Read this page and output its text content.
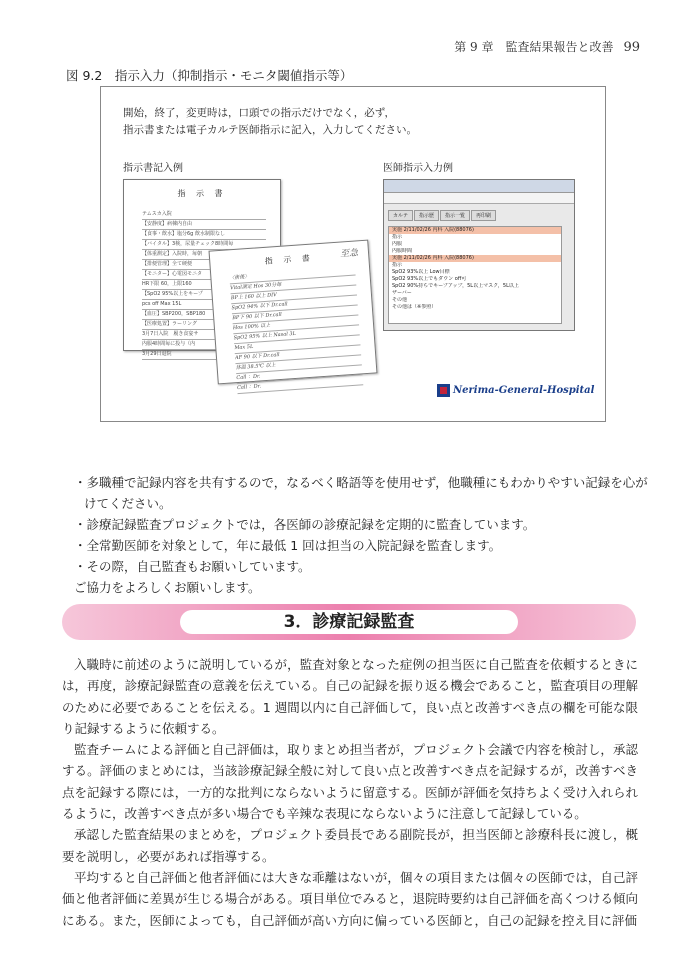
第 9 章　監査結果報告と改善 99
図 9.2　指示入力（抑制指示・モニタ閾値指示等）
開始，終了，変更時は，口頭での指示だけでなく，必ず，
指示書または電子カルテ医師指示に記入，入力してください。
指示書記入例	医師指示入力例
指 示 書
テムスカ入院
【安静度】病棟内自由
【食事・飲水】塩分6g 飲水制限なし
【バイタル】3検，尿量チェック8時間毎
【体重測定】入院時，毎朝
【排便管理】全て硬便
【モニター】心電図モニタ
HR下限 60，上限160
【SpO2 95%以上をキープ
pcs off Max 15L
【血圧】SBP200，SBP180
【医療処置】ラーリング
3月7日入院　履き食宴サ
内服4時間毎に投与（内
3月29日退院
指 示 書	至急
〈術後〉
Vital測定 Hos 30分毎
BP上 160 以上 DIV
SpO2 94% 以下 Dr.call
BP下 90 以下 Dr.call
Hos 100% 以上
SpO2 95% 以上 Nasal 3L
Max 5L
AF 90 以下 Dr.call
体温 38.5℃ 以上
Call ：Dr.
Call ：Dr.
カルテ	指示歴	指示一覧	再印刷
実施 2/11/02/26 内科 入院(88076)
指示
内服
内服時間
実施 2/11/02/26 内科 入院(88076)
指示
SpO2 93%以上 Low目標
SpO2 93%以上でもダウン off可
SpO2 90%持ちでキープアップ，5L以上マスク，5L以上
ザーバー
その他
その他は（※参照）
Nerima-General-Hospital
・多職種で記録内容を共有するので，なるべく略語等を使用せず，他職種にもわかりやすい記録を心がけてください。
・診療記録監査プロジェクトでは，各医師の診療記録を定期的に監査しています。
・全常勤医師を対象として，年に最低 1 回は担当の入院記録を監査します。
・その際，自己監査もお願いしています。
ご協力をよろしくお願いします。
3．診療記録監査

入職時に前述のように説明しているが，監査対象となった症例の担当医に自己監査を依頼するときには，再度，診療記録監査の意義を伝えている。自己の記録を振り返る機会であること，監査項目の理解のために必要であることを伝える。1 週間以内に自己評価して，良い点と改善すべき点の欄を可能な限り記録するように依頼する。

監査チームによる評価と自己評価は，取りまとめ担当者が，プロジェクト会議で内容を検討し，承認する。評価のまとめには，当該診療記録全般に対して良い点と改善すべき点を記録するが，改善すべき点を記録する際には，一方的な批判にならないように留意する。医師が評価を気持ちよく受け入れられるように，改善すべき点が多い場合でも辛辣な表現にならないように注意して記録している。

承認した監査結果のまとめを，プロジェクト委員長である副院長が，担当医師と診療科長に渡し，概要を説明し，必要があれば指導する。

平均すると自己評価と他者評価には大きな乖離はないが，個々の項目または個々の医師では，自己評価と他者評価に差異が生じる場合がある。項目単位でみると，退院時要約は自己評価を高くつける傾向にある。また，医師によっても，自己評価が高い方向に偏っている医師と，自己の記録を控え目に評価
